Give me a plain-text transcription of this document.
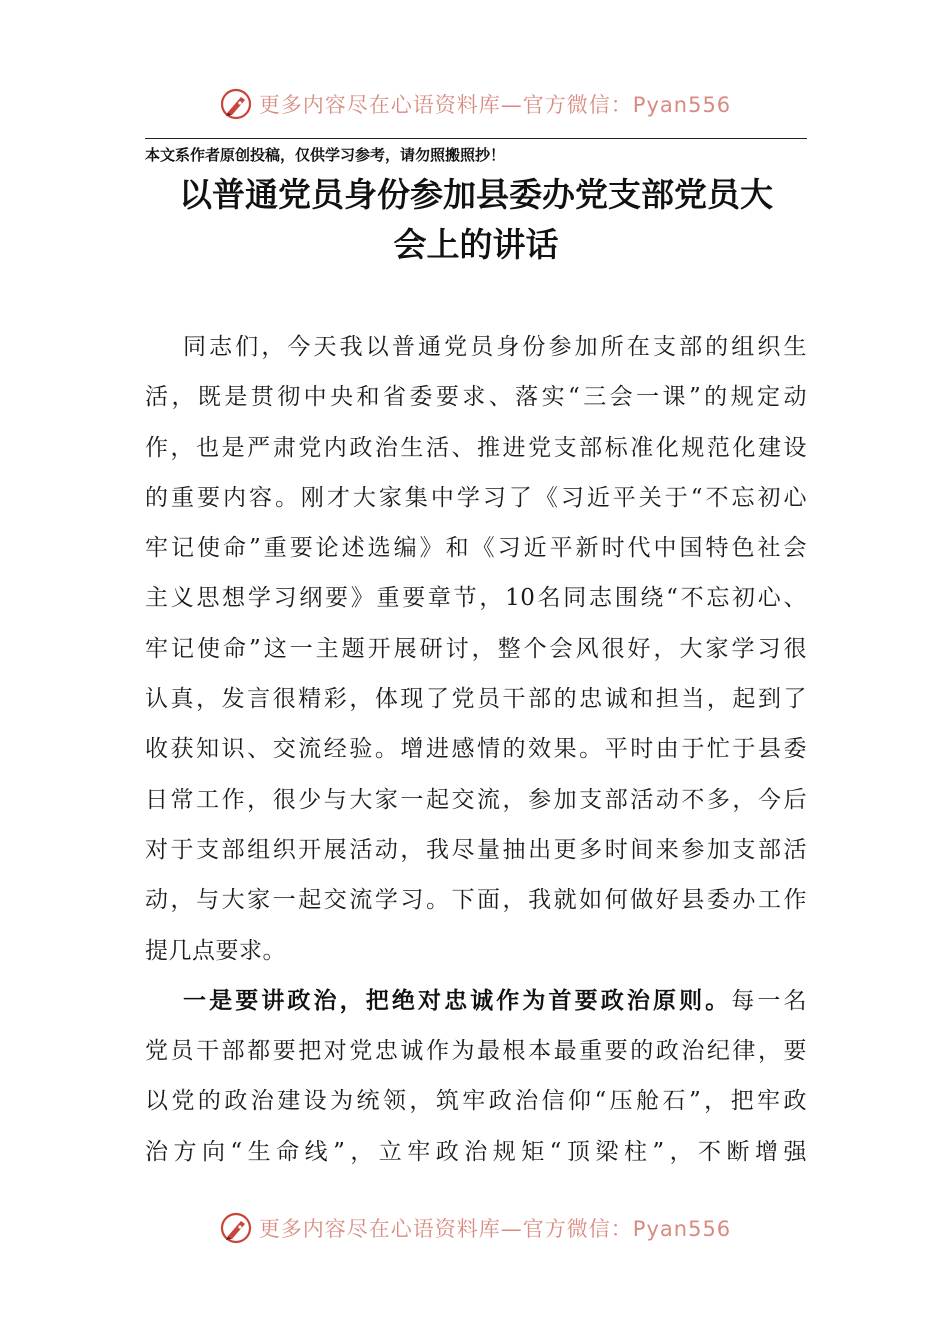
更多内容尽在心语资料库—官方微信：Pyan556
本文系作者原创投稿，仅供学习参考，请勿照搬照抄！
以普通党员身份参加县委办党支部党员大
会上的讲话
同志们，今天我以普通党员身份参加所在支部的组织生
活，既是贯彻中央和省委要求、落实“三会一课”的规定动
作，也是严肃党内政治生活、推进党支部标准化规范化建设
的重要内容。刚才大家集中学习了《习近平关于“不忘初心
牢记使命”重要论述选编》和《习近平新时代中国特色社会
主义思想学习纲要》重要章节，10名同志围绕“不忘初心、
牢记使命”这一主题开展研讨，整个会风很好，大家学习很
认真，发言很精彩，体现了党员干部的忠诚和担当，起到了
收获知识、交流经验。增进感情的效果。平时由于忙于县委
日常工作，很少与大家一起交流，参加支部活动不多，今后
对于支部组织开展活动，我尽量抽出更多时间来参加支部活
动，与大家一起交流学习。下面，我就如何做好县委办工作
提几点要求。
一是要讲政治，把绝对忠诚作为首要政治原则。每一名
党员干部都要把对党忠诚作为最根本最重要的政治纪律，要
以党的政治建设为统领，筑牢政治信仰“压舱石”，把牢政
治方向“生命线”，立牢政治规矩“顶梁柱”，不断增强
更多内容尽在心语资料库—官方微信：Pyan556
